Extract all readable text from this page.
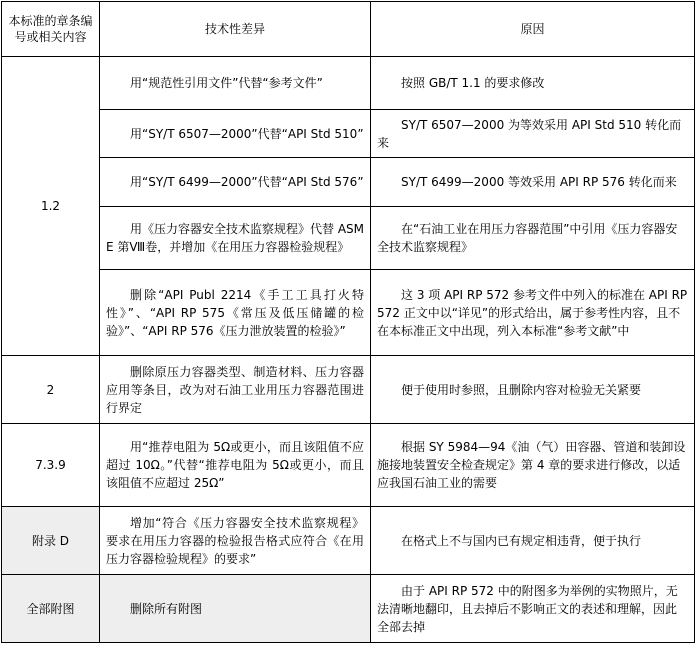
本标准的章条编号或相关内容	技术性差异	原因
1.2	用“规范性引用文件”代替“参考文件”	按照 GB/T 1.1 的要求修改
	用“SY/T 6507—2000”代替“API Std 510”	SY/T 6507—2000 为等效采用 API Std 510 转化而来
	用“SY/T 6499—2000”代替“API Std 576”	SY/T 6499—2000 等效采用 API RP 576 转化而来
	用《压力容器安全技术监察规程》代替 ASME 第Ⅷ卷，并增加《在用压力容器检验规程》	在“石油工业在用压力容器范围”中引用《压力容器安全技术监察规程》
	删除“API Publ 2214《手工工具打火特性》”、“API RP 575《常压及低压储罐的检验》”、“API RP 576《压力泄放装置的检验》”	这 3 项 API RP 572 参考文件中列入的标准在 API RP 572 正文中以“详见”的形式给出，属于参考性内容，且不在本标准正文中出现，列入本标准“参考文献”中
2	删除原压力容器类型、制造材料、压力容器应用等条目，改为对石油工业用压力容器范围进行界定	便于使用时参照，且删除内容对检验无关紧要
7.3.9	用“推荐电阻为 5Ω或更小，而且该阻值不应超过 10Ω。”代替“推荐电阻为 5Ω或更小，而且该阻值不应超过 25Ω”	根据 SY 5984—94《油（气）田容器、管道和装卸设施接地装置安全检查规定》第 4 章的要求进行修改，以适应我国石油工业的需要
附录 D	增加“符合《压力容器安全技术监察规程》要求在用压力容器的检验报告格式应符合《在用压力容器检验规程》的要求”	在格式上不与国内已有规定相违背，便于执行
全部附图	删除所有附图	由于 API RP 572 中的附图多为举例的实物照片，无法清晰地翻印，且去掉后不影响正文的表述和理解，因此全部去掉
